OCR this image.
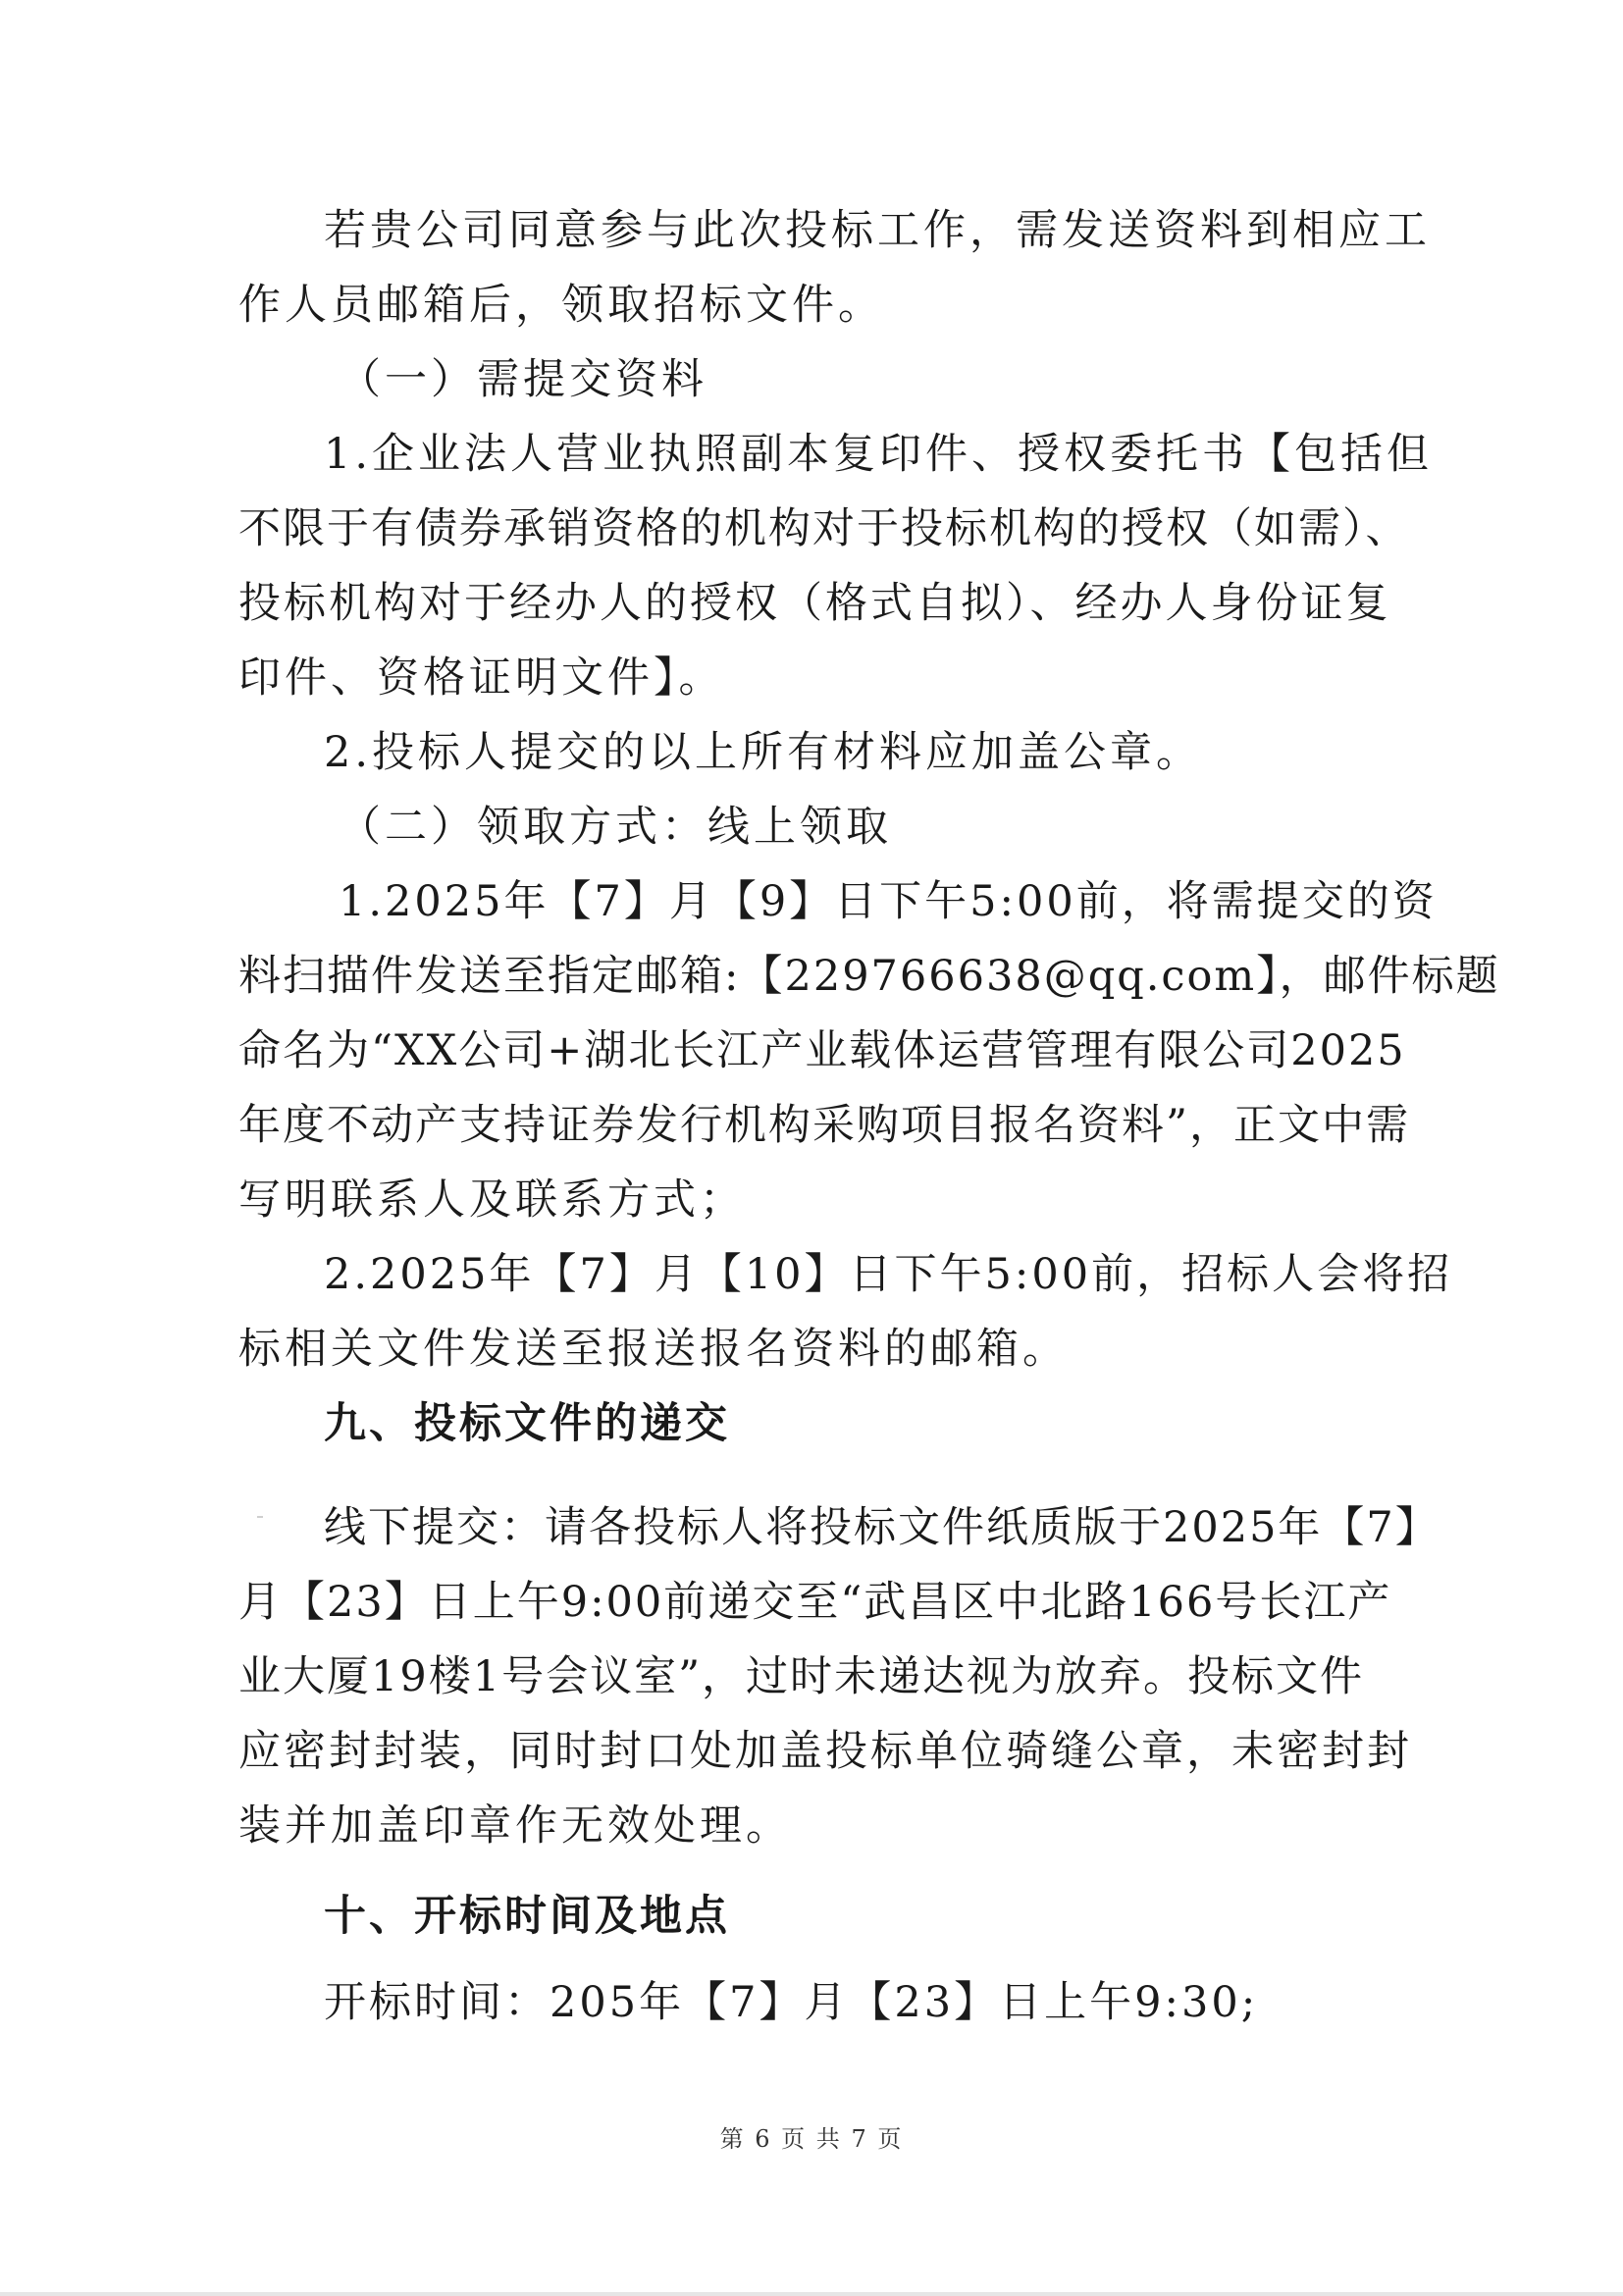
若贵公司同意参与此次投标工作，需发送资料到相应工
作人员邮箱后，领取招标文件。
（一）需提交资料
1.企业法人营业执照副本复印件、授权委托书【包括但
不限于有债券承销资格的机构对于投标机构的授权（如需）、
投标机构对于经办人的授权（格式自拟）、经办人身份证复
印件、资格证明文件】。
2.投标人提交的以上所有材料应加盖公章。
（二）领取方式：线上领取
1.2025年【7】月【9】日下午5:00前，将需提交的资
料扫描件发送至指定邮箱:【229766638@qq.com】，邮件标题
命名为“XX公司+湖北长江产业载体运营管理有限公司2025
年度不动产支持证券发行机构采购项目报名资料”，正文中需
写明联系人及联系方式；
2.2025年【7】月【10】日下午5:00前，招标人会将招
标相关文件发送至报送报名资料的邮箱。
九、投标文件的递交
线下提交：请各投标人将投标文件纸质版于2025年【7】
月【23】日上午9:00前递交至“武昌区中北路166号长江产
业大厦19楼1号会议室”，过时未递达视为放弃。投标文件
应密封封装，同时封口处加盖投标单位骑缝公章，未密封封
装并加盖印章作无效处理。
十、开标时间及地点
开标时间：205年【7】月【23】日上午9:30;
第 6 页 共 7 页
